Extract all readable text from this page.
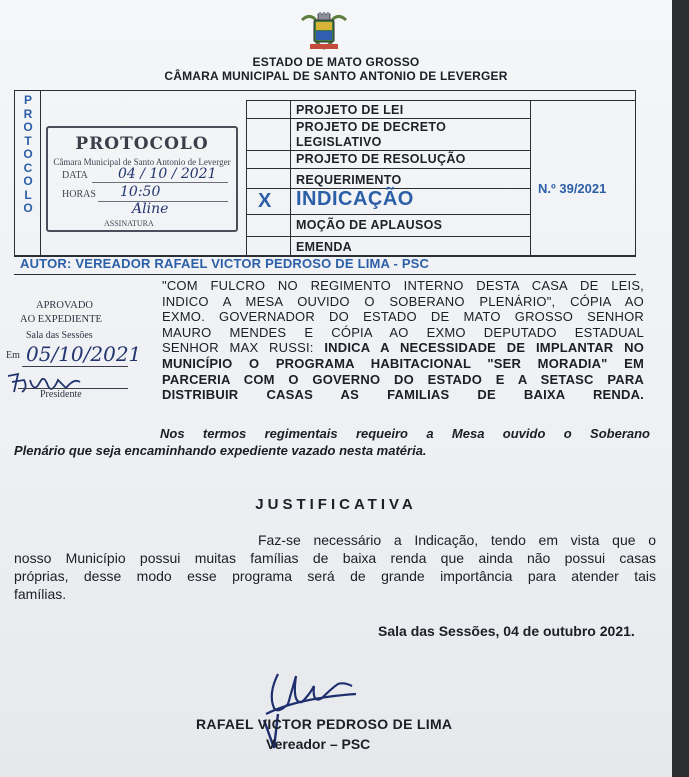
ESTADO DE MATO GROSSO
CÂMARA MUNICIPAL DE SANTO ANTONIO DE LEVERGER
P
R
O
T
O
C
O
L
O
PROTOCOLO
Câmara Municipal de Santo Antonio de Leverger
DATA 04 / 10 / 2021
HORAS 10:50
Aline
ASSINATURA
PROJETO DE LEI
PROJETO DE DECRETO
LEGISLATIVO
PROJETO DE RESOLUÇÃO
REQUERIMENTO
X INDICAÇÃO
MOÇÃO DE APLAUSOS
EMENDA
N.º 39/2021
AUTOR: VEREADOR RAFAEL VICTOR PEDROSO DE LIMA - PSC
APROVADO
AO EXPEDIENTE
Sala das Sessões
Em 05/10/2021
Presidente
"COM FULCRO NO REGIMENTO INTERNO DESTA CASA DE LEIS,
INDICO A MESA OUVIDO O SOBERANO PLENÁRIO", CÓPIA AO
EXMO. GOVERNADOR DO ESTADO DE MATO GROSSO SENHOR
MAURO MENDES E CÓPIA AO EXMO DEPUTADO ESTADUAL
SENHOR MAX RUSSI: INDICA A NECESSIDADE DE IMPLANTAR NO
MUNICÍPIO O PROGRAMA HABITACIONAL "SER MORADIA" EM
PARCERIA COM O GOVERNO DO ESTADO E A SETASC PARA
DISTRIBUIR CASAS AS FAMILIAS DE BAIXA RENDA.
Nos termos regimentais requeiro a Mesa ouvido o Soberano
Plenário que seja encaminhando expediente vazado nesta matéria.
JUSTIFICATIVA
Faz-se necessário a Indicação, tendo em vista que o
nosso Município possui muitas famílias de baixa renda que ainda não possui casas
próprias, desse modo esse programa será de grande importância para atender tais
famílias.
Sala das Sessões, 04 de outubro 2021.
RAFAEL VICTOR PEDROSO DE LIMA
Vereador – PSC
